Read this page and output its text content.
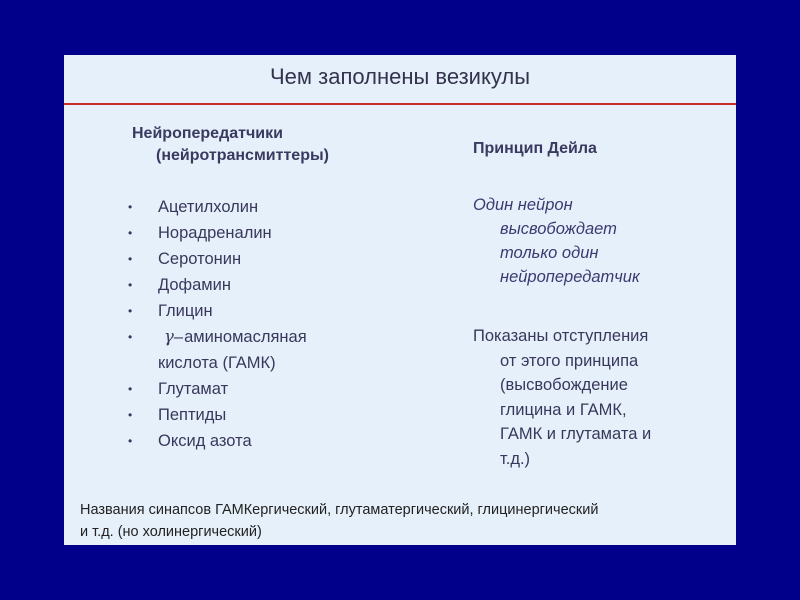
Чем заполнены везикулы
Нейропередатчики
(нейротрансмиттеры)	Принцип Дейла
• Ацетилхолин
• Норадреналин
• Серотонин
• Дофамин
• Глицин
• γ–аминомасляная
кислота (ГАМК)
• Глутамат
• Пептиды
• Оксид азота
Один нейрон
высвобождает
только один
нейропередатчик
Показаны отступления
от этого принципа
(высвобождение
глицина и ГАМК,
ГАМК и глутамата и
т.д.)
Названия синапсов ГАМКергический, глутаматергический, глицинергический
и т.д. (но холинергический)
